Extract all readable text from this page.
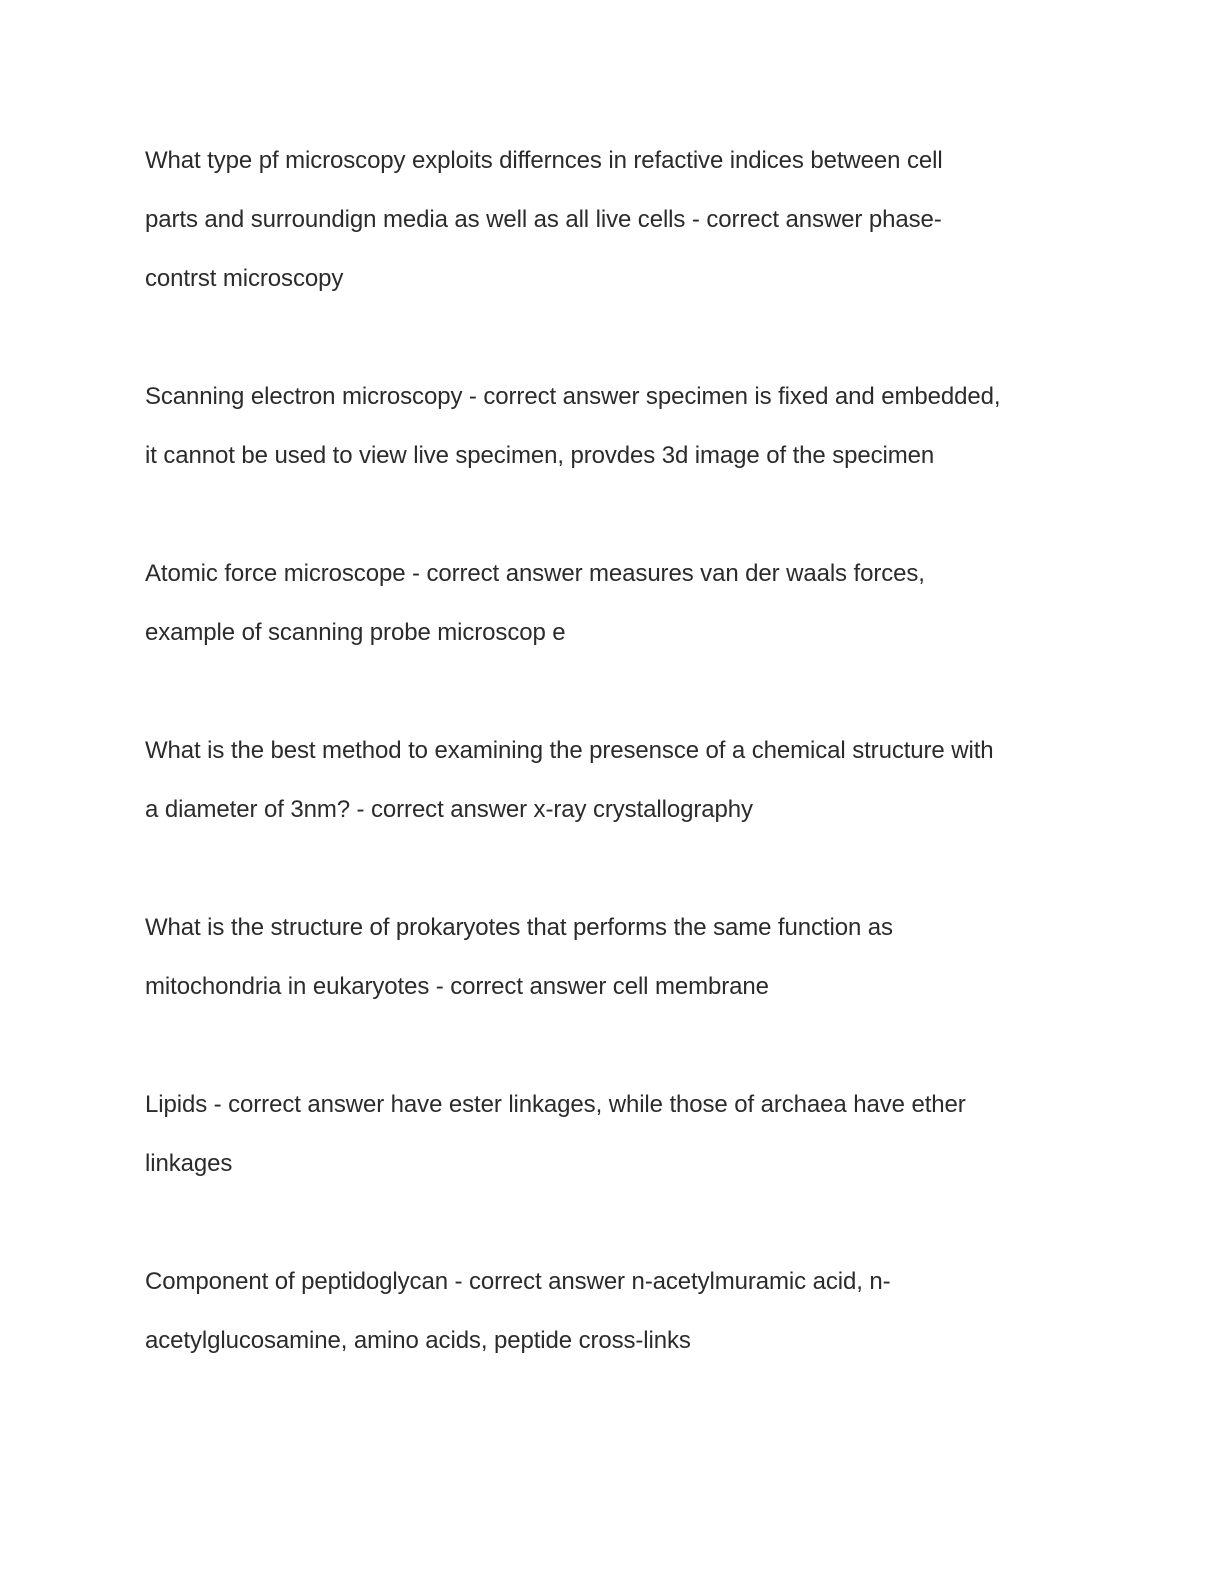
What type pf microscopy exploits differnces in refactive indices between cell
parts and surroundign media as well as all live cells - correct answer phase-
contrst microscopy
Scanning electron microscopy - correct answer specimen is fixed and embedded,
it cannot be used to view live specimen, provdes 3d image of the specimen
Atomic force microscope - correct answer measures van der waals forces,
example of scanning probe microscop e
What is the best method to examining the presensce of a chemical structure with
a diameter of 3nm? - correct answer x-ray crystallography
What is the structure of prokaryotes that performs the same function as
mitochondria in eukaryotes - correct answer cell membrane
Lipids - correct answer have ester linkages, while those of archaea have ether
linkages
Component of peptidoglycan - correct answer n-acetylmuramic acid, n-
acetylglucosamine, amino acids, peptide cross-links
